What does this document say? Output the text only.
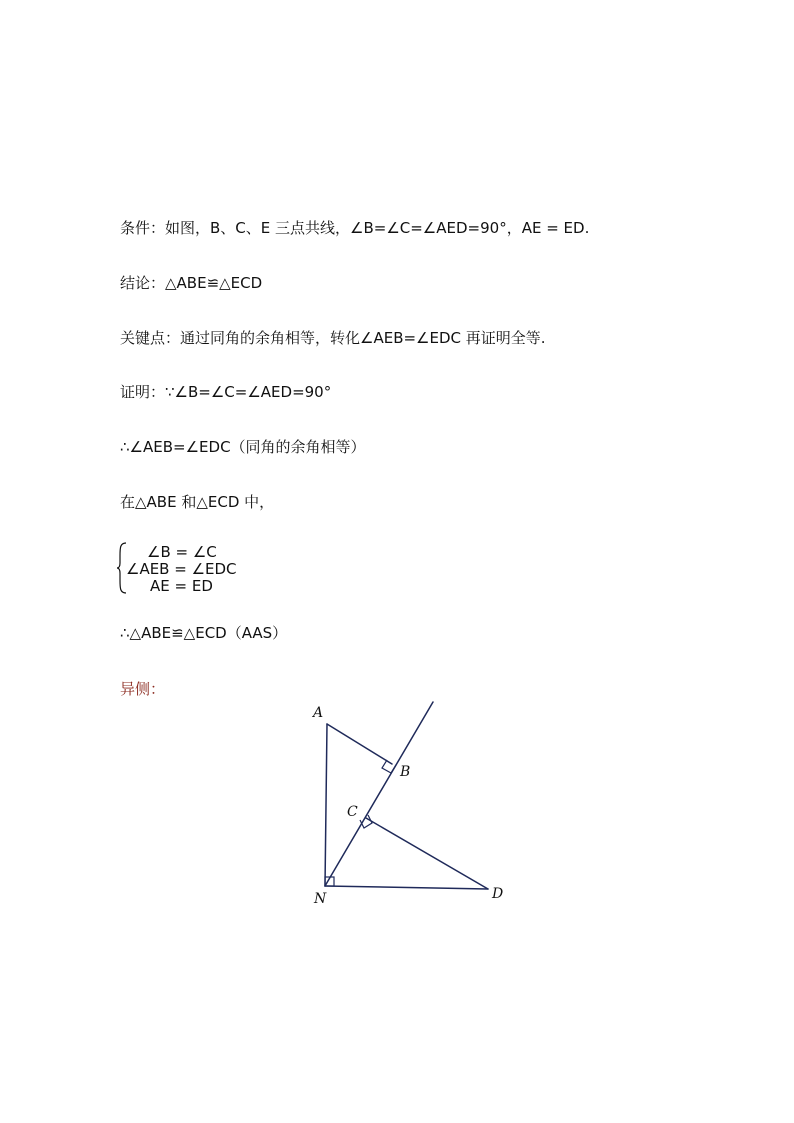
条件：如图，B、C、E 三点共线，∠B=∠C=∠AED=90°，AE = ED.
结论：△ABE≌△ECD
关键点：通过同角的余角相等，转化∠AEB=∠EDC 再证明全等.
证明：∵∠B=∠C=∠AED=90°
∴∠AEB=∠EDC（同角的余角相等）
在△ABE 和△ECD 中，
∠B = ∠C
∠AEB = ∠EDC
AE = ED
∴△ABE≌△ECD（AAS）
异侧：
A
B
C
N	D
